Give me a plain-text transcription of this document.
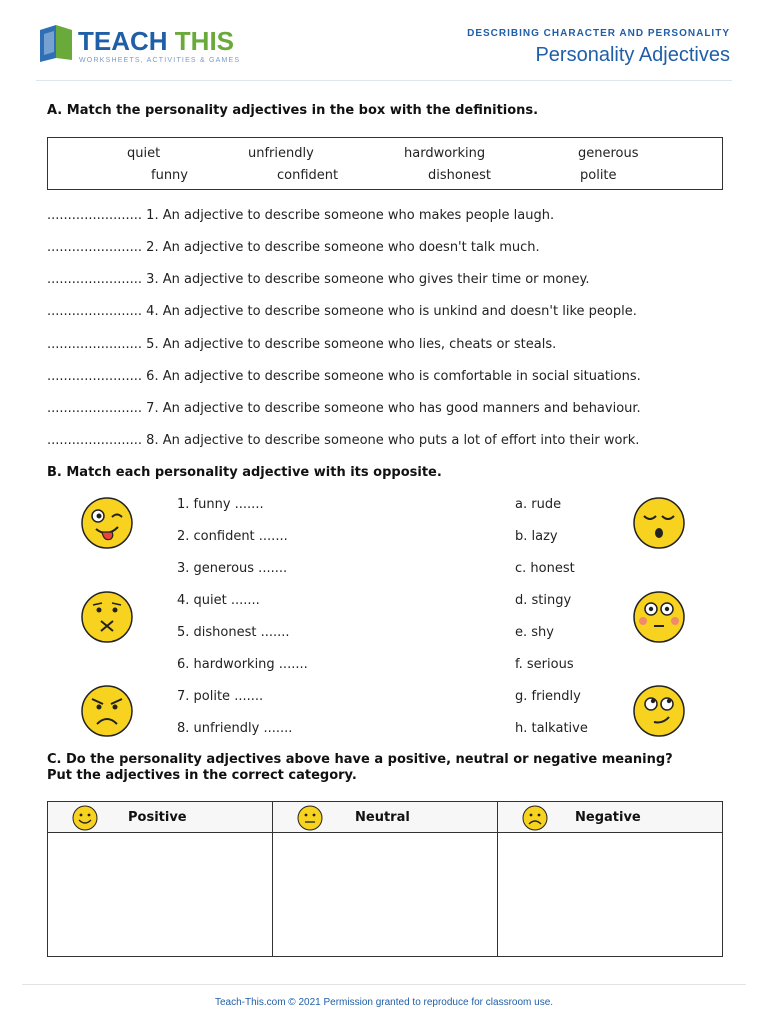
TEACH THIS
WORKSHEETS, ACTIVITIES & GAMES
DESCRIBING CHARACTER AND PERSONALITY
Personality Adjectives
A. Match the personality adjectives in the box with the definitions.
quiet	unfriendly	hardworking	generous
funny	confident	dishonest	polite
....................... 1. An adjective to describe someone who makes people laugh.
....................... 2. An adjective to describe someone who doesn't talk much.
....................... 3. An adjective to describe someone who gives their time or money.
....................... 4. An adjective to describe someone who is unkind and doesn't like people.
....................... 5. An adjective to describe someone who lies, cheats or steals.
....................... 6. An adjective to describe someone who is comfortable in social situations.
....................... 7. An adjective to describe someone who has good manners and behaviour.
....................... 8. An adjective to describe someone who puts a lot of effort into their work.
B. Match each personality adjective with its opposite.
1. funny .......
2. confident .......
3. generous .......
4. quiet .......
5. dishonest .......
6. hardworking .......
7. polite .......
8. unfriendly .......
a. rude
b. lazy
c. honest
d. stingy
e. shy
f. serious
g. friendly
h. talkative
C. Do the personality adjectives above have a positive, neutral or negative meaning?
Put the adjectives in the correct category.
Positive	Neutral	Negative
Teach-This.com © 2021 Permission granted to reproduce for classroom use.
